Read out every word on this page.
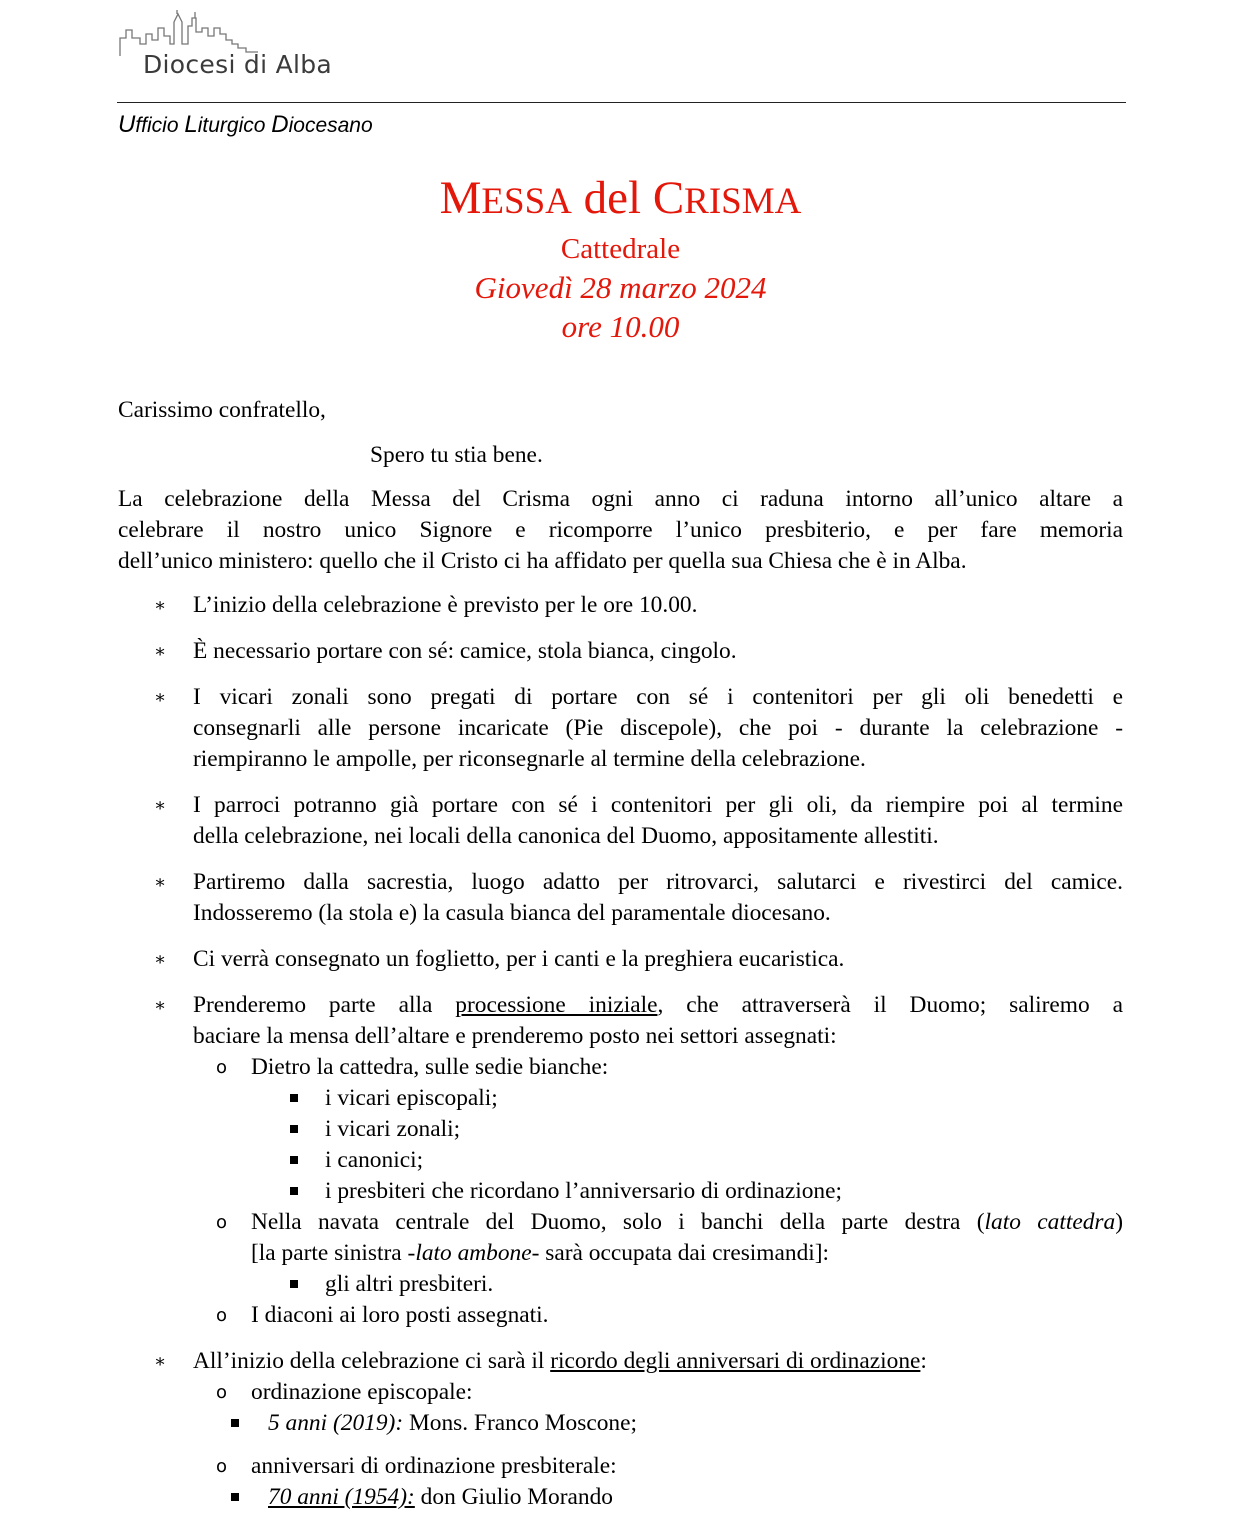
Diocesi di Alba

Ufficio Liturgico Diocesano

MESSA del CRISMA
Cattedrale
Giovedì 28 marzo 2024
ore 10.00
Carissimo confratello,
Spero tu stia bene.
La celebrazione della Messa del Crisma ogni anno ci raduna intorno all’unico altare a
celebrare il nostro unico Signore e ricomporre l’unico presbiterio, e per fare memoria
dell’unico ministero: quello che il Cristo ci ha affidato per quella sua Chiesa che è in Alba.
∗ L’inizio della celebrazione è previsto per le ore 10.00.
∗ È necessario portare con sé: camice, stola bianca, cingolo.
∗ I vicari zonali sono pregati di portare con sé i contenitori per gli oli benedetti e
consegnarli alle persone incaricate (Pie discepole), che poi - durante la celebrazione -
riempiranno le ampolle, per riconsegnarle al termine della celebrazione.
∗ I parroci potranno già portare con sé i contenitori per gli oli, da riempire poi al termine
della celebrazione, nei locali della canonica del Duomo, appositamente allestiti.
∗ Partiremo dalla sacrestia, luogo adatto per ritrovarci, salutarci e rivestirci del camice.
Indosseremo (la stola e) la casula bianca del paramentale diocesano.
∗ Ci verrà consegnato un foglietto, per i canti e la preghiera eucaristica.
∗ Prenderemo parte alla processione iniziale, che attraverserà il Duomo; saliremo a
baciare la mensa dell’altare e prenderemo posto nei settori assegnati:
o Dietro la cattedra, sulle sedie bianche:
i vicari episcopali;
i vicari zonali;
i canonici;
i presbiteri che ricordano l’anniversario di ordinazione;
o Nella navata centrale del Duomo, solo i banchi della parte destra (lato cattedra)
[la parte sinistra -lato ambone- sarà occupata dai cresimandi]:
gli altri presbiteri.
o I diaconi ai loro posti assegnati.
∗ All’inizio della celebrazione ci sarà il ricordo degli anniversari di ordinazione:
o ordinazione episcopale:
5 anni (2019): Mons. Franco Moscone;
o anniversari di ordinazione presbiterale:
70 anni (1954): don Giulio Morando
